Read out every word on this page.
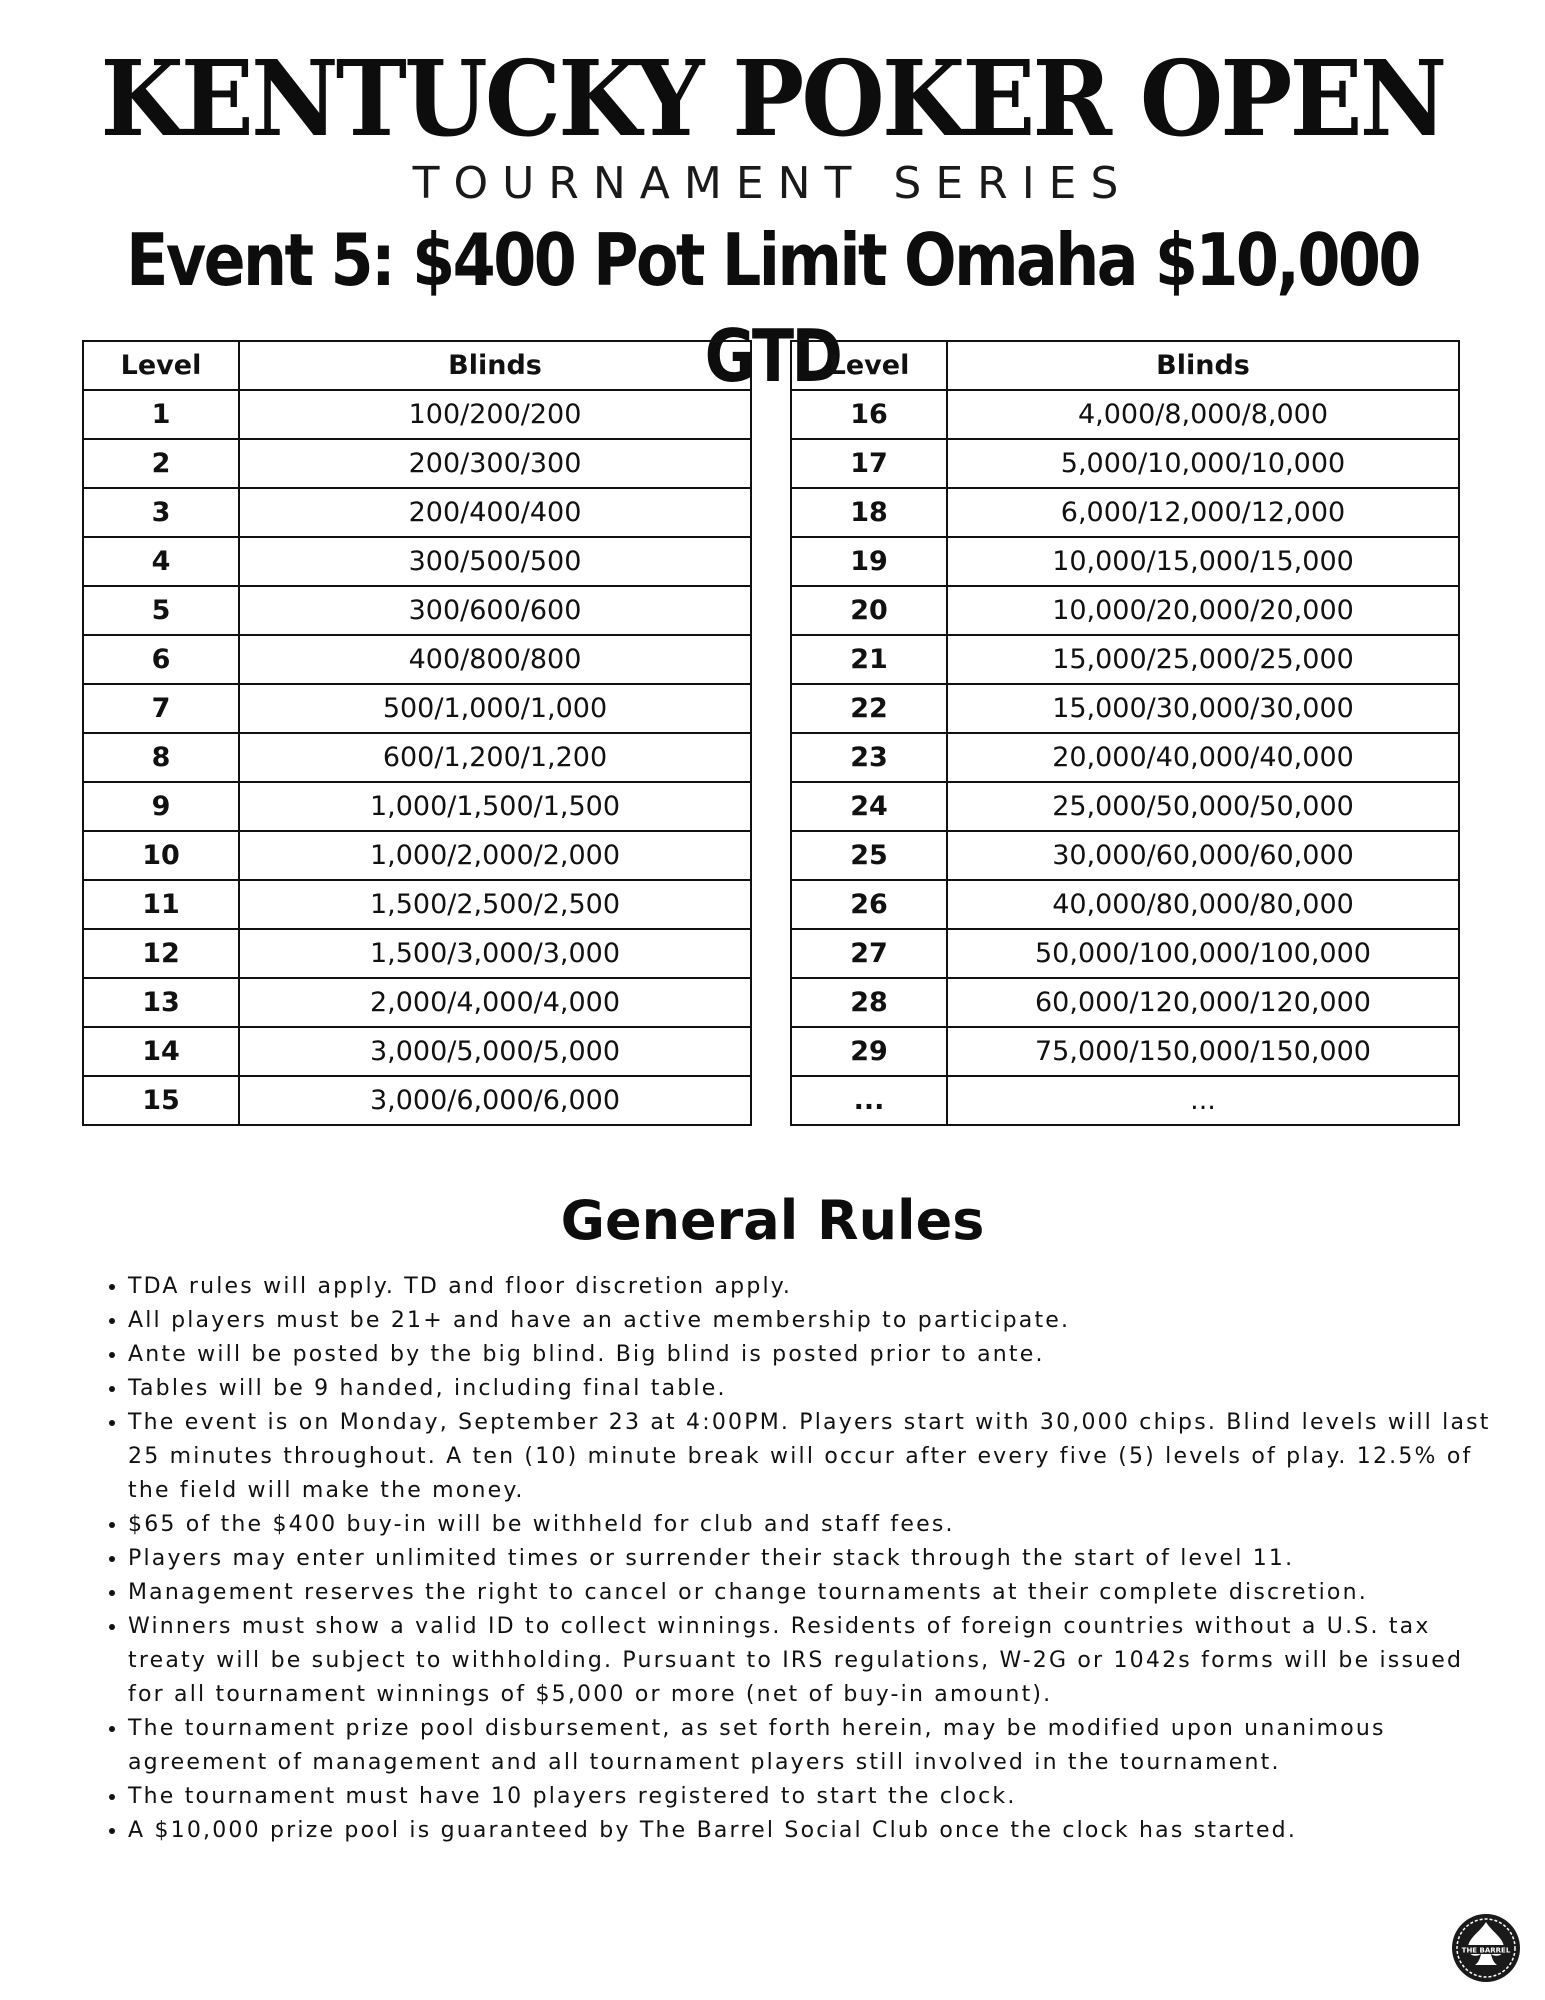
KENTUCKY POKER OPEN
TOURNAMENT SERIES
Event 5: $400 Pot Limit Omaha $10,000 GTD
Level	Blinds
1	100/200/200
2	200/300/300
3	200/400/400
4	300/500/500
5	300/600/600
6	400/800/800
7	500/1,000/1,000
8	600/1,200/1,200
9	1,000/1,500/1,500
10	1,000/2,000/2,000
11	1,500/2,500/2,500
12	1,500/3,000/3,000
13	2,000/4,000/4,000
14	3,000/5,000/5,000
15	3,000/6,000/6,000
Level	Blinds
16	4,000/8,000/8,000
17	5,000/10,000/10,000
18	6,000/12,000/12,000
19	10,000/15,000/15,000
20	10,000/20,000/20,000
21	15,000/25,000/25,000
22	15,000/30,000/30,000
23	20,000/40,000/40,000
24	25,000/50,000/50,000
25	30,000/60,000/60,000
26	40,000/80,000/80,000
27	50,000/100,000/100,000
28	60,000/120,000/120,000
29	75,000/150,000/150,000
...	...
General Rules
• TDA rules will apply. TD and floor discretion apply.
• All players must be 21+ and have an active membership to participate.
• Ante will be posted by the big blind. Big blind is posted prior to ante.
• Tables will be 9 handed, including final table.
• The event is on Monday, September 23 at 4:00PM. Players start with 30,000 chips. Blind levels will last 25 minutes throughout. A ten (10) minute break will occur after every five (5) levels of play. 12.5% of the field will make the money.
• $65 of the $400 buy-in will be withheld for club and staff fees.
• Players may enter unlimited times or surrender their stack through the start of level 11.
• Management reserves the right to cancel or change tournaments at their complete discretion.
• Winners must show a valid ID to collect winnings. Residents of foreign countries without a U.S. tax treaty will be subject to withholding. Pursuant to IRS regulations, W-2G or 1042s forms will be issued for all tournament winnings of $5,000 or more (net of buy-in amount).
• The tournament prize pool disbursement, as set forth herein, may be modified upon unanimous agreement of management and all tournament players still involved in the tournament.
• The tournament must have 10 players registered to start the clock.
• A $10,000 prize pool is guaranteed by The Barrel Social Club once the clock has started.
THE BARREL
